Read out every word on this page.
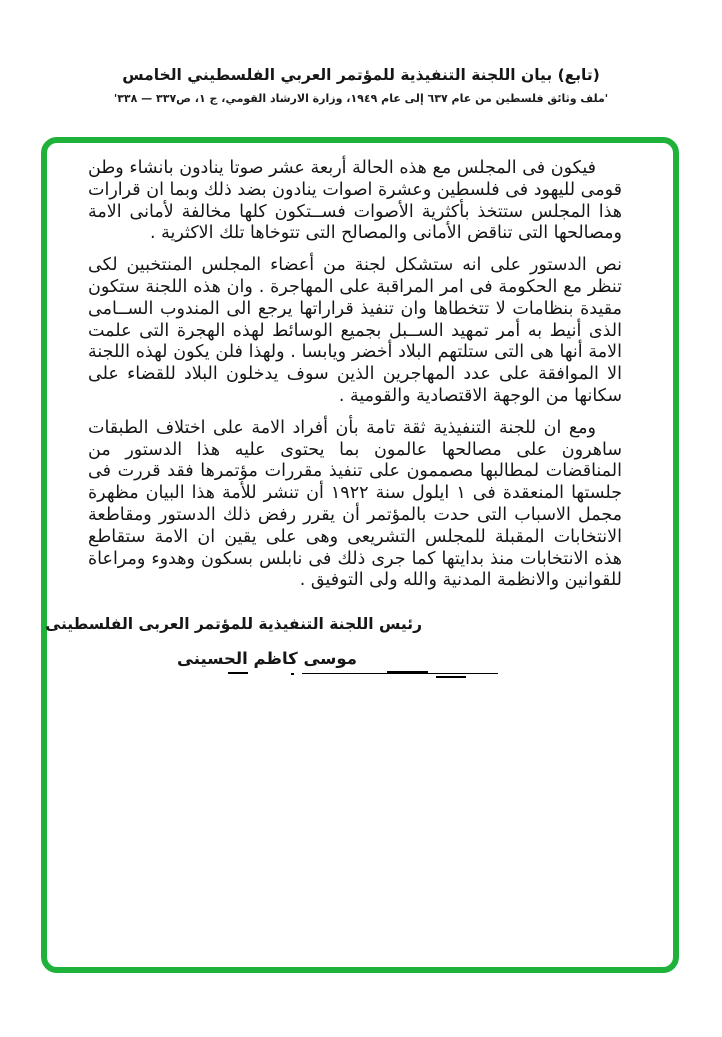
(تابع) بيان اللجنة التنفيذية للمؤتمر العربي الفلسطيني الخامس
'ملف وثائق فلسطين من عام ٦٣٧ إلى عام ١٩٤٩، وزارة الارشاد القومي، ج ١، ص٣٣٧ — ٣٣٨'

فيكون فى المجلس مع هذه الحالة أربعة عشر صوتا ينادون بانشاء وطن قومى لليهود فى فلسطين وعشرة اصوات ينادون بضد ذلك وبما ان قرارات هذا المجلس ستتخذ بأكثرية الأصوات فســتكون كلها مخالفة لأمانى الامة ومصالحها التى تناقض الأمانى والمصالح التى تتوخاها تلك الاكثرية .

نص الدستور على انه ستشكل لجنة من أعضاء المجلس المنتخبين لكى تنظر مع الحكومة فى امر المراقبة على المهاجرة . وان هذه اللجنة ستكون مقيدة بنظامات لا تتخطاها وان تنفيذ قراراتها يرجع الى المندوب الســامى الذى أنيط به أمر تمهيد الســبل بجميع الوسائط لهذه الهجرة التى علمت الامة أنها هى التى ستلتهم البلاد أخضر ويابسا . ولهذا فلن يكون لهذه اللجنة الا الموافقة على عدد المهاجرين الذين سوف يدخلون البلاد للقضاء على سكانها من الوجهة الاقتصادية والقومية .

ومع ان للجنة التنفيذية ثقة تامة بأن أفراد الامة على اختلاف الطبقات ساهرون على مصالحها عالمون بما يحتوى عليه هذا الدستور من المناقضات لمطالبها مصممون على تنفيذ مقررات مؤتمرها فقد قررت فى جلستها المنعقدة فى ١ ايلول سنة ١٩٢٢ أن تنشر للأمة هذا البيان مظهرة مجمل الاسباب التى حدت بالمؤتمر أن يقرر رفض ذلك الدستور ومقاطعة الانتخابات المقبلة للمجلس التشريعى وهى على يقين ان الامة ستقاطع هذه الانتخابات منذ بدايتها كما جرى ذلك فى نابلس بسكون وهدوء ومراعاة للقوانين والانظمة المدنية والله ولى التوفيق .

رئيس اللجنة التنفيذية للمؤتمر العربى الفلسطينى
موسى كاظم الحسينى
